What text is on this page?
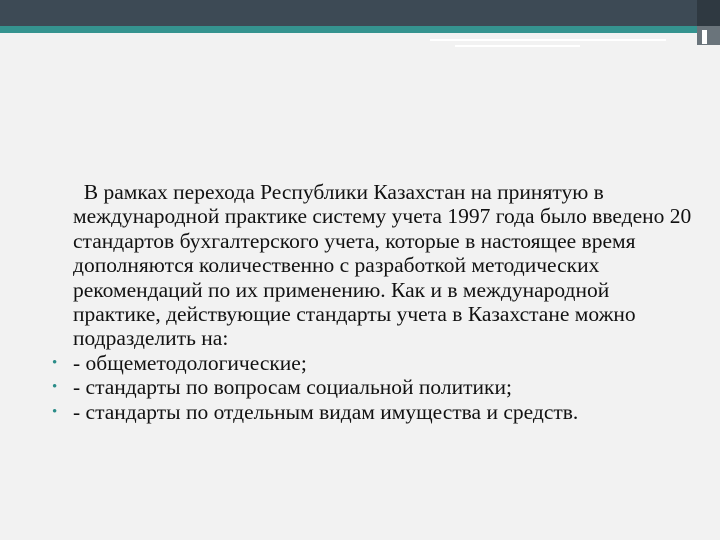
В рамках перехода Республики Казахстан на принятую в международной практике систему учета 1997 года было введено 20 стандартов бухгалтерского учета, которые в настоящее время дополняются количественно с разработкой методических рекомендаций по их применению. Как и в международной практике, действующие стандарты учета в Казахстане можно подразделить на:
• - общеметодологические;
• - стандарты по вопросам социальной политики;
• - стандарты по отдельным видам имущества и средств.
